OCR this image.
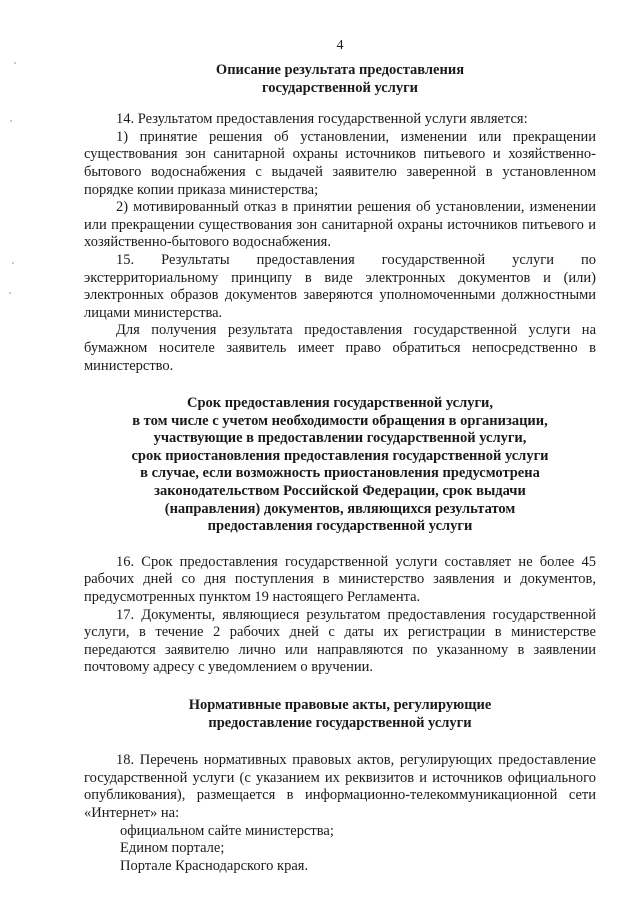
4
Описание результата предоставления
государственной услуги

14. Результатом предоставления государственной услуги является:

1) принятие решения об установлении, изменении или прекращении существования зон санитарной охраны источников питьевого и хозяйственно-бытового водоснабжения с выдачей заявителю заверенной в установленном порядке копии приказа министерства;

2) мотивированный отказ в принятии решения об установлении, изменении или прекращении существования зон санитарной охраны источников питьевого и хозяйственно-бытового водоснабжения.

15. Результаты предоставления государственной услуги по экстерриториальному принципу в виде электронных документов и (или) электронных образов документов заверяются уполномоченными должностными лицами министерства.

Для получения результата предоставления государственной услуги на бумажном носителе заявитель имеет право обратиться непосредственно в министерство.

Срок предоставления государственной услуги,
в том числе с учетом необходимости обращения в организации,
участвующие в предоставлении государственной услуги,
срок приостановления предоставления государственной услуги
в случае, если возможность приостановления предусмотрена
законодательством Российской Федерации, срок выдачи
(направления) документов, являющихся результатом
предоставления государственной услуги

16. Срок предоставления государственной услуги составляет не более 45 рабочих дней со дня поступления в министерство заявления и документов, предусмотренных пунктом 19 настоящего Регламента.

17. Документы, являющиеся результатом предоставления государственной услуги, в течение 2 рабочих дней с даты их регистрации в министерстве передаются заявителю лично или направляются по указанному в заявлении почтовому адресу с уведомлением о вручении.

Нормативные правовые акты, регулирующие
предоставление государственной услуги

18. Перечень нормативных правовых актов, регулирующих предоставление государственной услуги (с указанием их реквизитов и источников официального опубликования), размещается в информационно-телекоммуникационной сети «Интернет» на:

официальном сайте министерства;

Едином портале;

Портале Краснодарского края.
